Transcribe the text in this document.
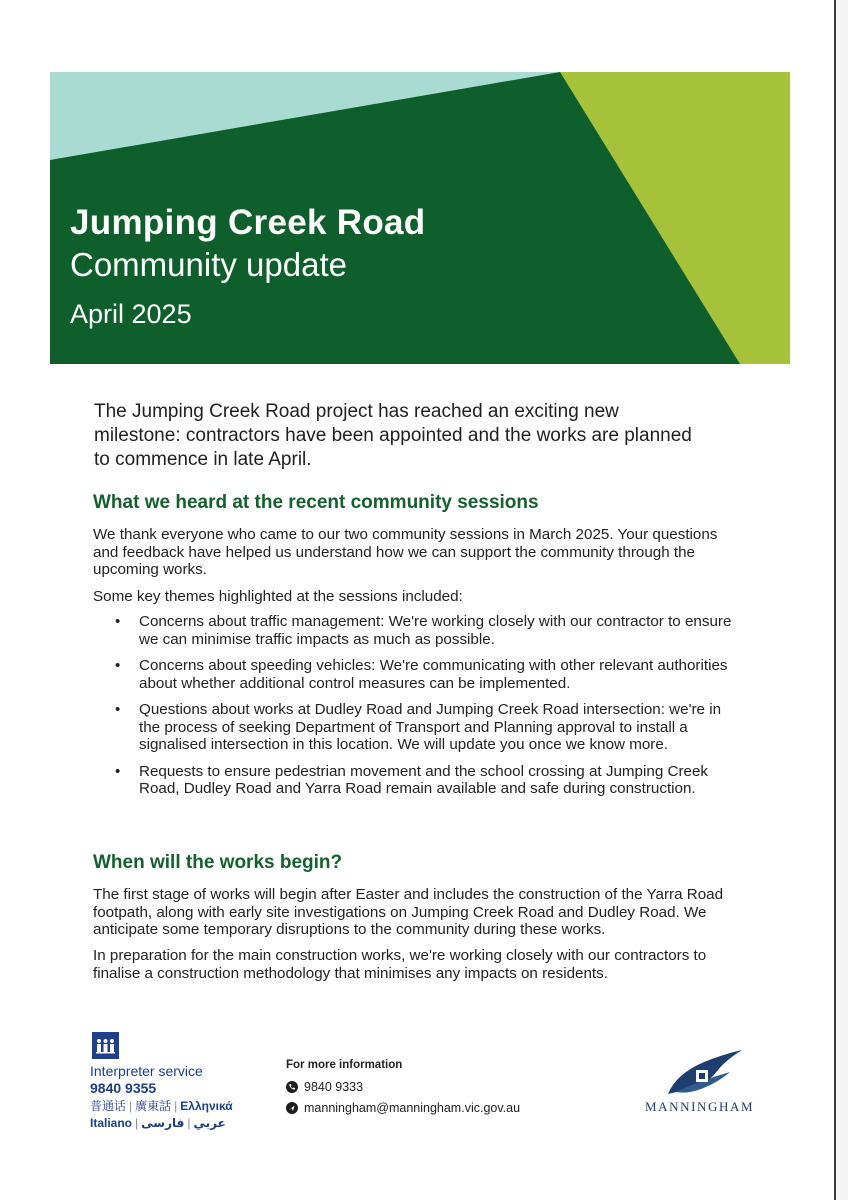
Jumping Creek Road
Community update
April 2025
The Jumping Creek Road project has reached an exciting new milestone: contractors have been appointed and the works are planned to commence in late April.
What we heard at the recent community sessions
We thank everyone who came to our two community sessions in March 2025. Your questions and feedback have helped us understand how we can support the community through the upcoming works.
Some key themes highlighted at the sessions included:
• Concerns about traffic management: We're working closely with our contractor to ensure we can minimise traffic impacts as much as possible.
• Concerns about speeding vehicles: We're communicating with other relevant authorities about whether additional control measures can be implemented.
• Questions about works at Dudley Road and Jumping Creek Road intersection: we're in the process of seeking Department of Transport and Planning approval to install a signalised intersection in this location. We will update you once we know more.
• Requests to ensure pedestrian movement and the school crossing at Jumping Creek Road, Dudley Road and Yarra Road remain available and safe during construction.
When will the works begin?
The first stage of works will begin after Easter and includes the construction of the Yarra Road footpath, along with early site investigations on Jumping Creek Road and Dudley Road. We anticipate some temporary disruptions to the community during these works.
In preparation for the main construction works, we're working closely with our contractors to finalise a construction methodology that minimises any impacts on residents.
Interpreter service
9840 9355
普通话 | 廣東話 | Ελληνικά
Italiano |	عربي|فارسی
For more information
9840 9333
manningham@manningham.vic.gov.au	MANNINGHAM
